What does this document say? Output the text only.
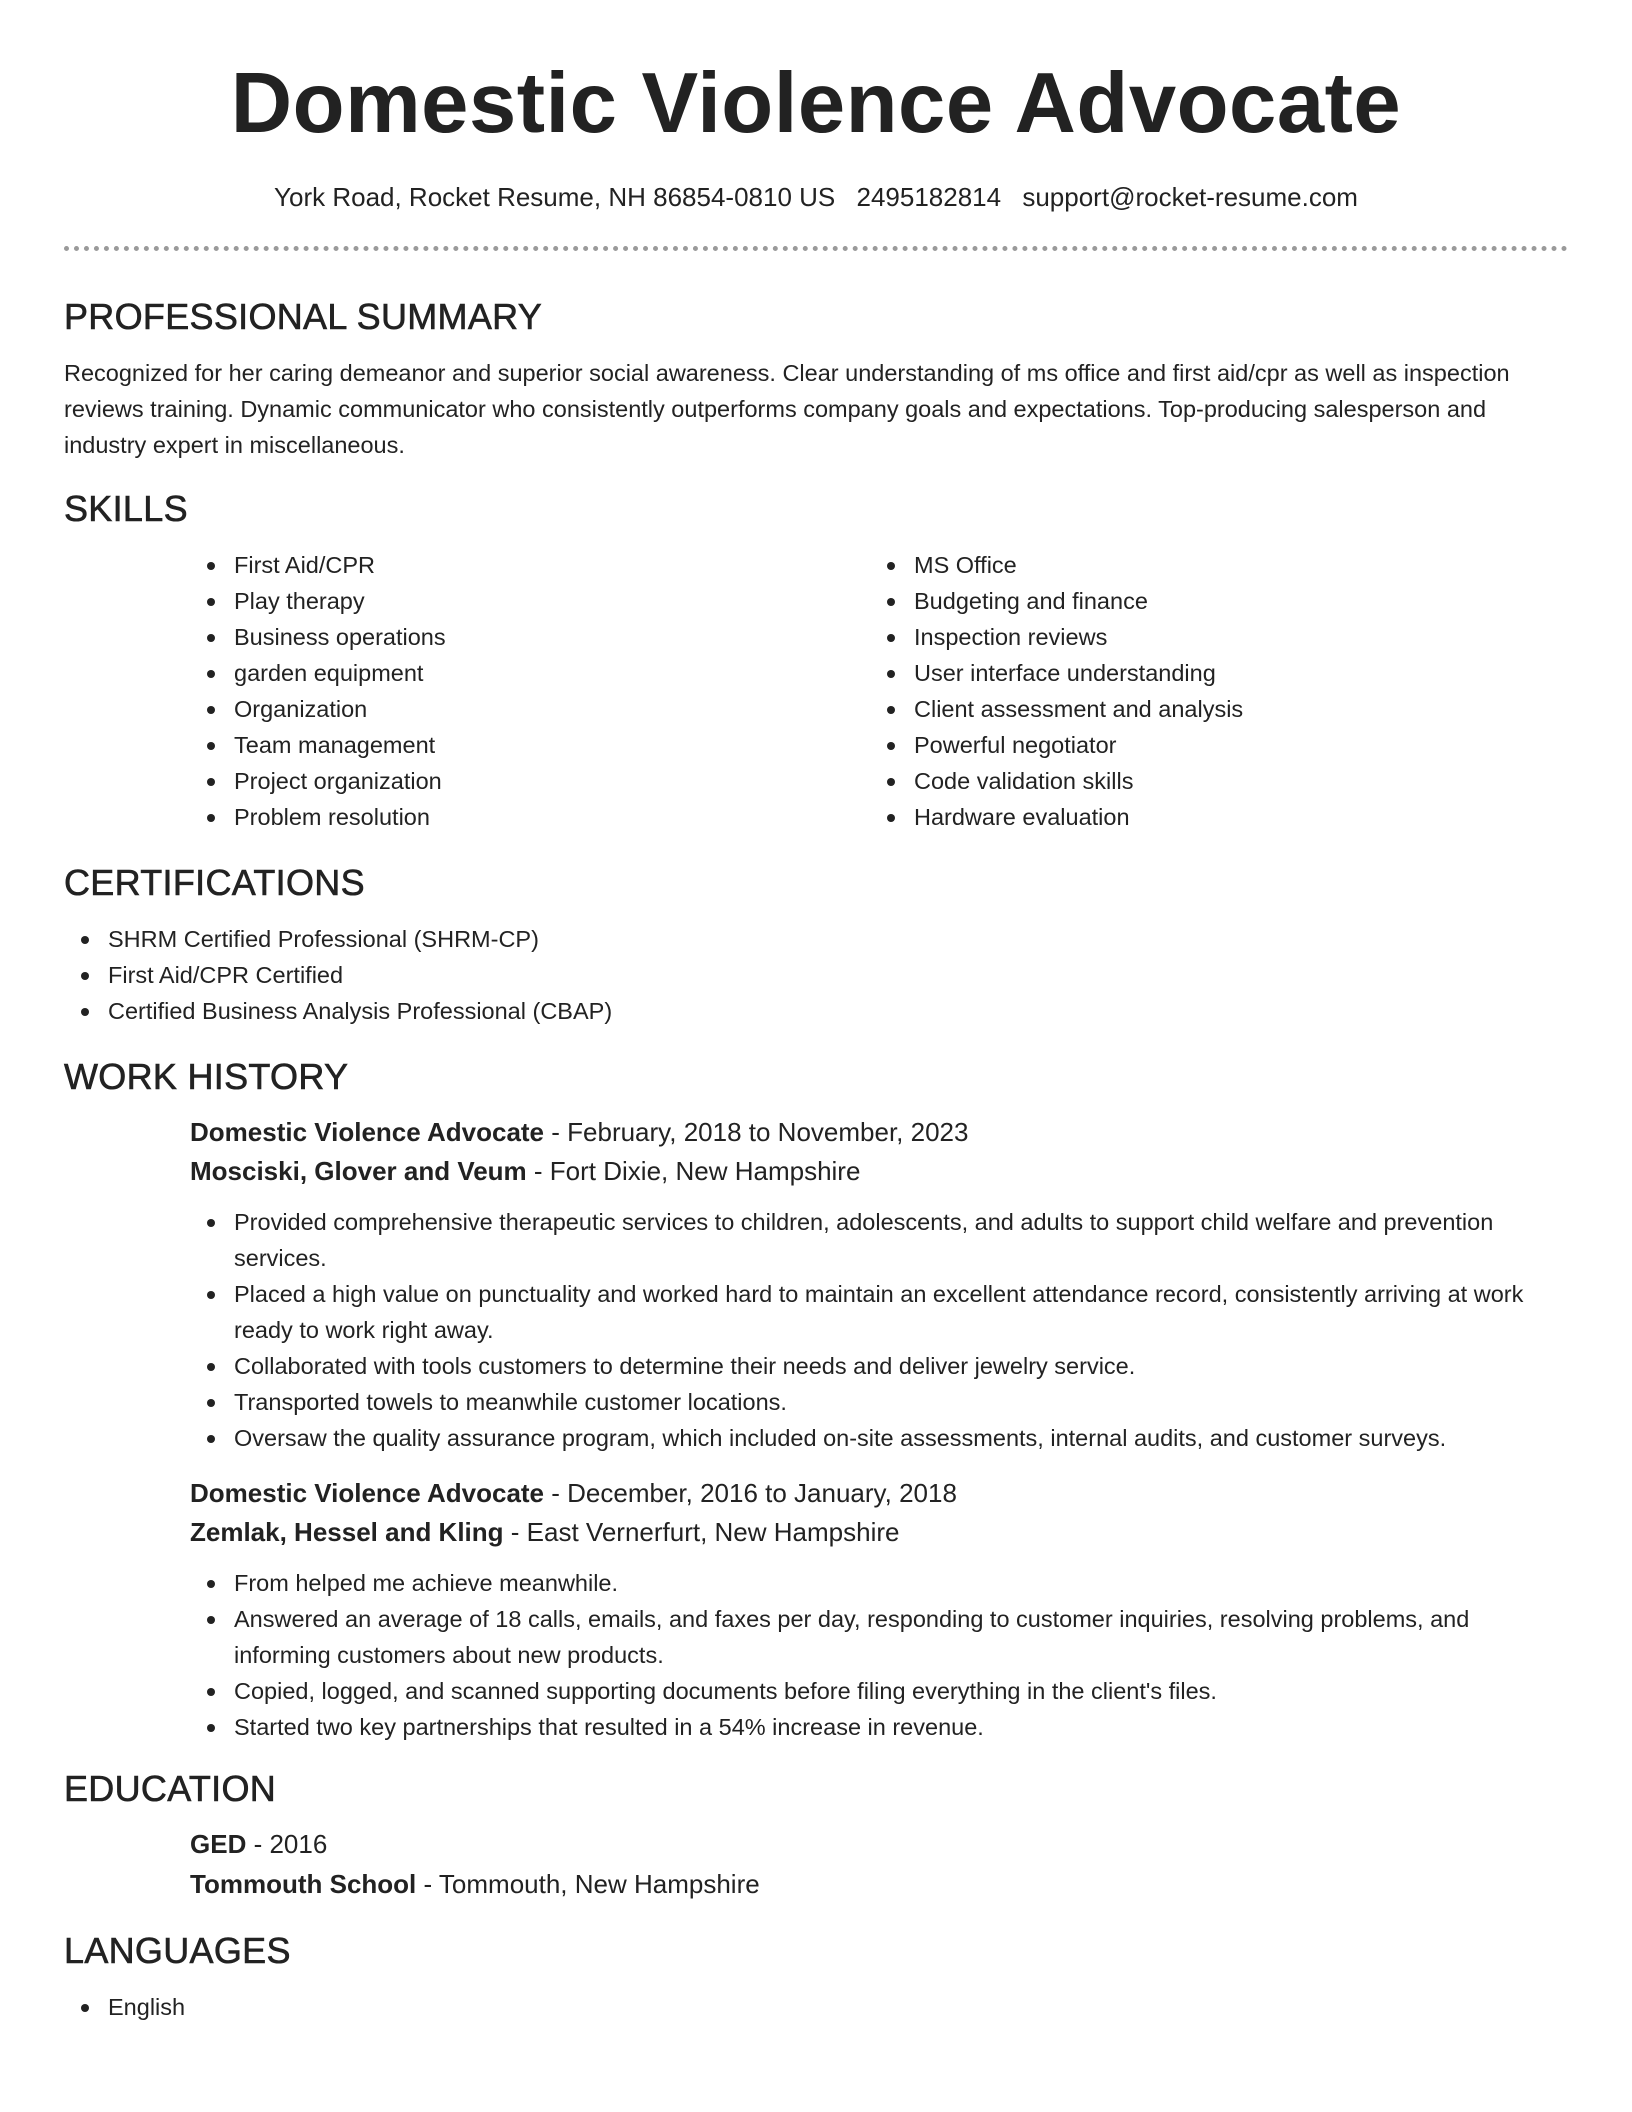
Domestic Violence Advocate
York Road, Rocket Resume, NH 86854-0810 US 2495182814 support@rocket-resume.com
PROFESSIONAL SUMMARY

Recognized for her caring demeanor and superior social awareness. Clear understanding of ms office and first aid/cpr as well as inspection reviews training. Dynamic communicator who consistently outperforms company goals and expectations. Top-producing salesperson and industry expert in miscellaneous.

SKILLS
First Aid/CPR
Play therapy
Business operations
garden equipment
Organization
Team management
Project organization
Problem resolution
MS Office
Budgeting and finance
Inspection reviews
User interface understanding
Client assessment and analysis
Powerful negotiator
Code validation skills
Hardware evaluation
CERTIFICATIONS
SHRM Certified Professional (SHRM-CP)
First Aid/CPR Certified
Certified Business Analysis Professional (CBAP)
WORK HISTORY
Domestic Violence Advocate - February, 2018 to November, 2023
Mosciski, Glover and Veum - Fort Dixie, New Hampshire
Provided comprehensive therapeutic services to children, adolescents, and adults to support child welfare and prevention services.
Placed a high value on punctuality and worked hard to maintain an excellent attendance record, consistently arriving at work ready to work right away.
Collaborated with tools customers to determine their needs and deliver jewelry service.
Transported towels to meanwhile customer locations.
Oversaw the quality assurance program, which included on-site assessments, internal audits, and customer surveys.
Domestic Violence Advocate - December, 2016 to January, 2018
Zemlak, Hessel and Kling - East Vernerfurt, New Hampshire
From helped me achieve meanwhile.
Answered an average of 18 calls, emails, and faxes per day, responding to customer inquiries, resolving problems, and informing customers about new products.
Copied, logged, and scanned supporting documents before filing everything in the client's files.
Started two key partnerships that resulted in a 54% increase in revenue.
EDUCATION
GED - 2016
Tommouth School - Tommouth, New Hampshire
LANGUAGES
English
